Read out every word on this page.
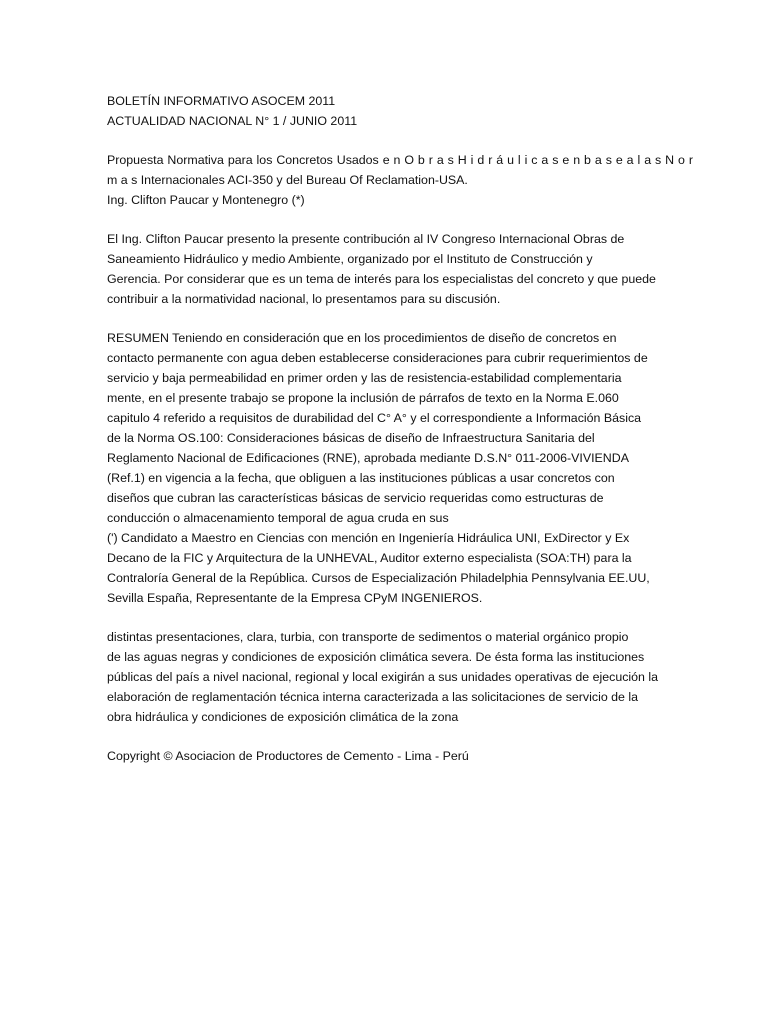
BOLETÍN INFORMATIVO ASOCEM 2011
ACTUALIDAD NACIONAL N° 1 / JUNIO 2011
Propuesta Normativa para los Concretos Usados e n O b r a s H i d r á u l i c a s e n b a s e a l a s N o r
m a s Internacionales ACI-350 y del Bureau Of Reclamation-USA.
Ing. Clifton Paucar y Montenegro (*)
El Ing. Clifton Paucar presento la presente contribución al IV Congreso Internacional Obras de
Saneamiento Hidráulico y medio Ambiente, organizado por el Instituto de Construcción y
Gerencia. Por considerar que es un tema de interés para los especialistas del concreto y que puede
contribuir a la normatividad nacional, lo presentamos para su discusión.
RESUMEN Teniendo en consideración que en los procedimientos de diseño de concretos en
contacto permanente con agua deben establecerse consideraciones para cubrir requerimientos de
servicio y baja permeabilidad en primer orden y las de resistencia-estabilidad complementaria
mente, en el presente trabajo se propone la inclusión de párrafos de texto en la Norma E.060
capitulo 4 referido a requisitos de durabilidad del C° A° y el correspondiente a Información Básica
de la Norma OS.100: Consideraciones básicas de diseño de Infraestructura Sanitaria del
Reglamento Nacional de Edificaciones (RNE), aprobada mediante D.S.N° 011-2006-VIVIENDA
(Ref.1) en vigencia a la fecha, que obliguen a las instituciones públicas a usar concretos con
diseños que cubran las características básicas de servicio requeridas como estructuras de
conducción o almacenamiento temporal de agua cruda en sus
(') Candidato a Maestro en Ciencias con mención en Ingeniería Hidráulica UNI, ExDirector y Ex
Decano de la FIC y Arquitectura de la UNHEVAL, Auditor externo especialista (SOA:TH) para la
Contraloría General de la República. Cursos de Especialización Philadelphia Pennsylvania EE.UU,
Sevilla España, Representante de la Empresa CPyM INGENIEROS.
distintas presentaciones, clara, turbia, con transporte de sedimentos o material orgánico propio
de las aguas negras y condiciones de exposición climática severa. De ésta forma las instituciones
públicas del país a nivel nacional, regional y local exigirán a sus unidades operativas de ejecución la
elaboración de reglamentación técnica interna caracterizada a las solicitaciones de servicio de la
obra hidráulica y condiciones de exposición climática de la zona
Copyright © Asociacion de Productores de Cemento - Lima - Perú
